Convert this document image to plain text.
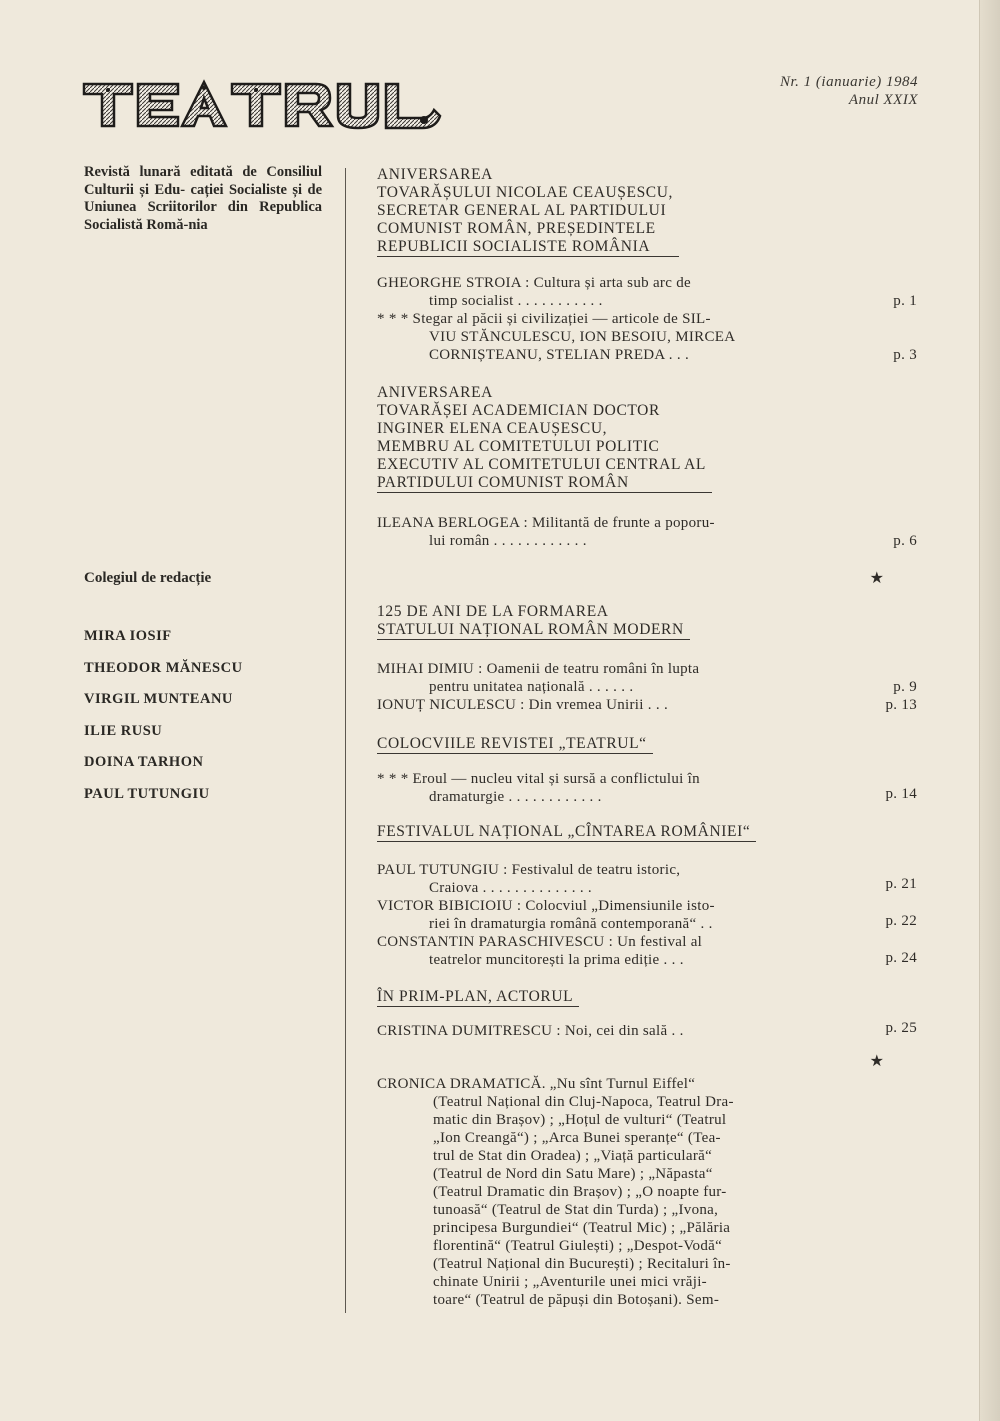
Nr. 1 (ianuarie) 1984
Anul XXIX

Revistă lunară editată de Consiliul Culturii și Edu- cației Socialiste și de Uniunea Scriitorilor din Republica Socialistă Romă-nia

Colegiul de redacție
MIRA IOSIF
THEODOR MĂNESCU
VIRGIL MUNTEANU
ILIE RUSU
DOINA TARHON
PAUL TUTUNGIU
ANIVERSAREA
TOVARĂȘULUI NICOLAE CEAUȘESCU,
SECRETAR GENERAL AL PARTIDULUI
COMUNIST ROMÂN, PREȘEDINTELE
REPUBLICII SOCIALISTE ROMÂNIA
GHEORGHE STROIA : Cultura și arta sub arc de
timp socialist . . . . . . . . . . .	p. 1
* * * Stegar al păcii și civilizației — articole de SIL-
VIU STĂNCULESCU, ION BESOIU, MIRCEA
CORNIȘTEANU, STELIAN PREDA . . .	p. 3
ANIVERSAREA
TOVARĂȘEI ACADEMICIAN DOCTOR
INGINER ELENA CEAUȘESCU,
MEMBRU AL COMITETULUI POLITIC
EXECUTIV AL COMITETULUI CENTRAL AL
PARTIDULUI COMUNIST ROMÂN
ILEANA BERLOGEA : Militantă de frunte a poporu-
lui român . . . . . . . . . . . .	p. 6
★
125 DE ANI DE LA FORMAREA
STATULUI NAȚIONAL ROMÂN MODERN
MIHAI DIMIU : Oamenii de teatru români în lupta
pentru unitatea națională . . . . . .	p. 9
IONUȚ NICULESCU : Din vremea Unirii . . .	p. 13
COLOCVIILE REVISTEI „TEATRUL“
* * * Eroul — nucleu vital și sursă a conflictului în
dramaturgie . . . . . . . . . . . .	p. 14
FESTIVALUL NAȚIONAL „CÎNTAREA ROMÂNIEI“
PAUL TUTUNGIU : Festivalul de teatru istoric,
Craiova . . . . . . . . . . . . . .	p. 21
VICTOR BIBICIOIU : Colocviul „Dimensiunile isto-
riei în dramaturgia română contemporană“ . .	p. 22
CONSTANTIN PARASCHIVESCU : Un festival al
teatrelor muncitorești la prima ediție . . .	p. 24
ÎN PRIM-PLAN, ACTORUL
CRISTINA DUMITRESCU : Noi, cei din sală . .	p. 25
★
CRONICA DRAMATICĂ. „Nu sînt Turnul Eiffel“
(Teatrul Național din Cluj-Napoca, Teatrul Dra-
matic din Brașov) ; „Hoțul de vulturi“ (Teatrul
„Ion Creangă“) ; „Arca Bunei speranțe“ (Tea-
trul de Stat din Oradea) ; „Viață particulară“
(Teatrul de Nord din Satu Mare) ; „Năpasta“
(Teatrul Dramatic din Brașov) ; „O noapte fur-
tunoasă“ (Teatrul de Stat din Turda) ; „Ivona,
principesa Burgundiei“ (Teatrul Mic) ; „Pălăria
florentină“ (Teatrul Giulești) ; „Despot-Vodă“
(Teatrul Național din București) ; Recitaluri în-
chinate Unirii ; „Aventurile unei mici vrăji-
toare“ (Teatrul de păpuși din Botoșani). Sem-
